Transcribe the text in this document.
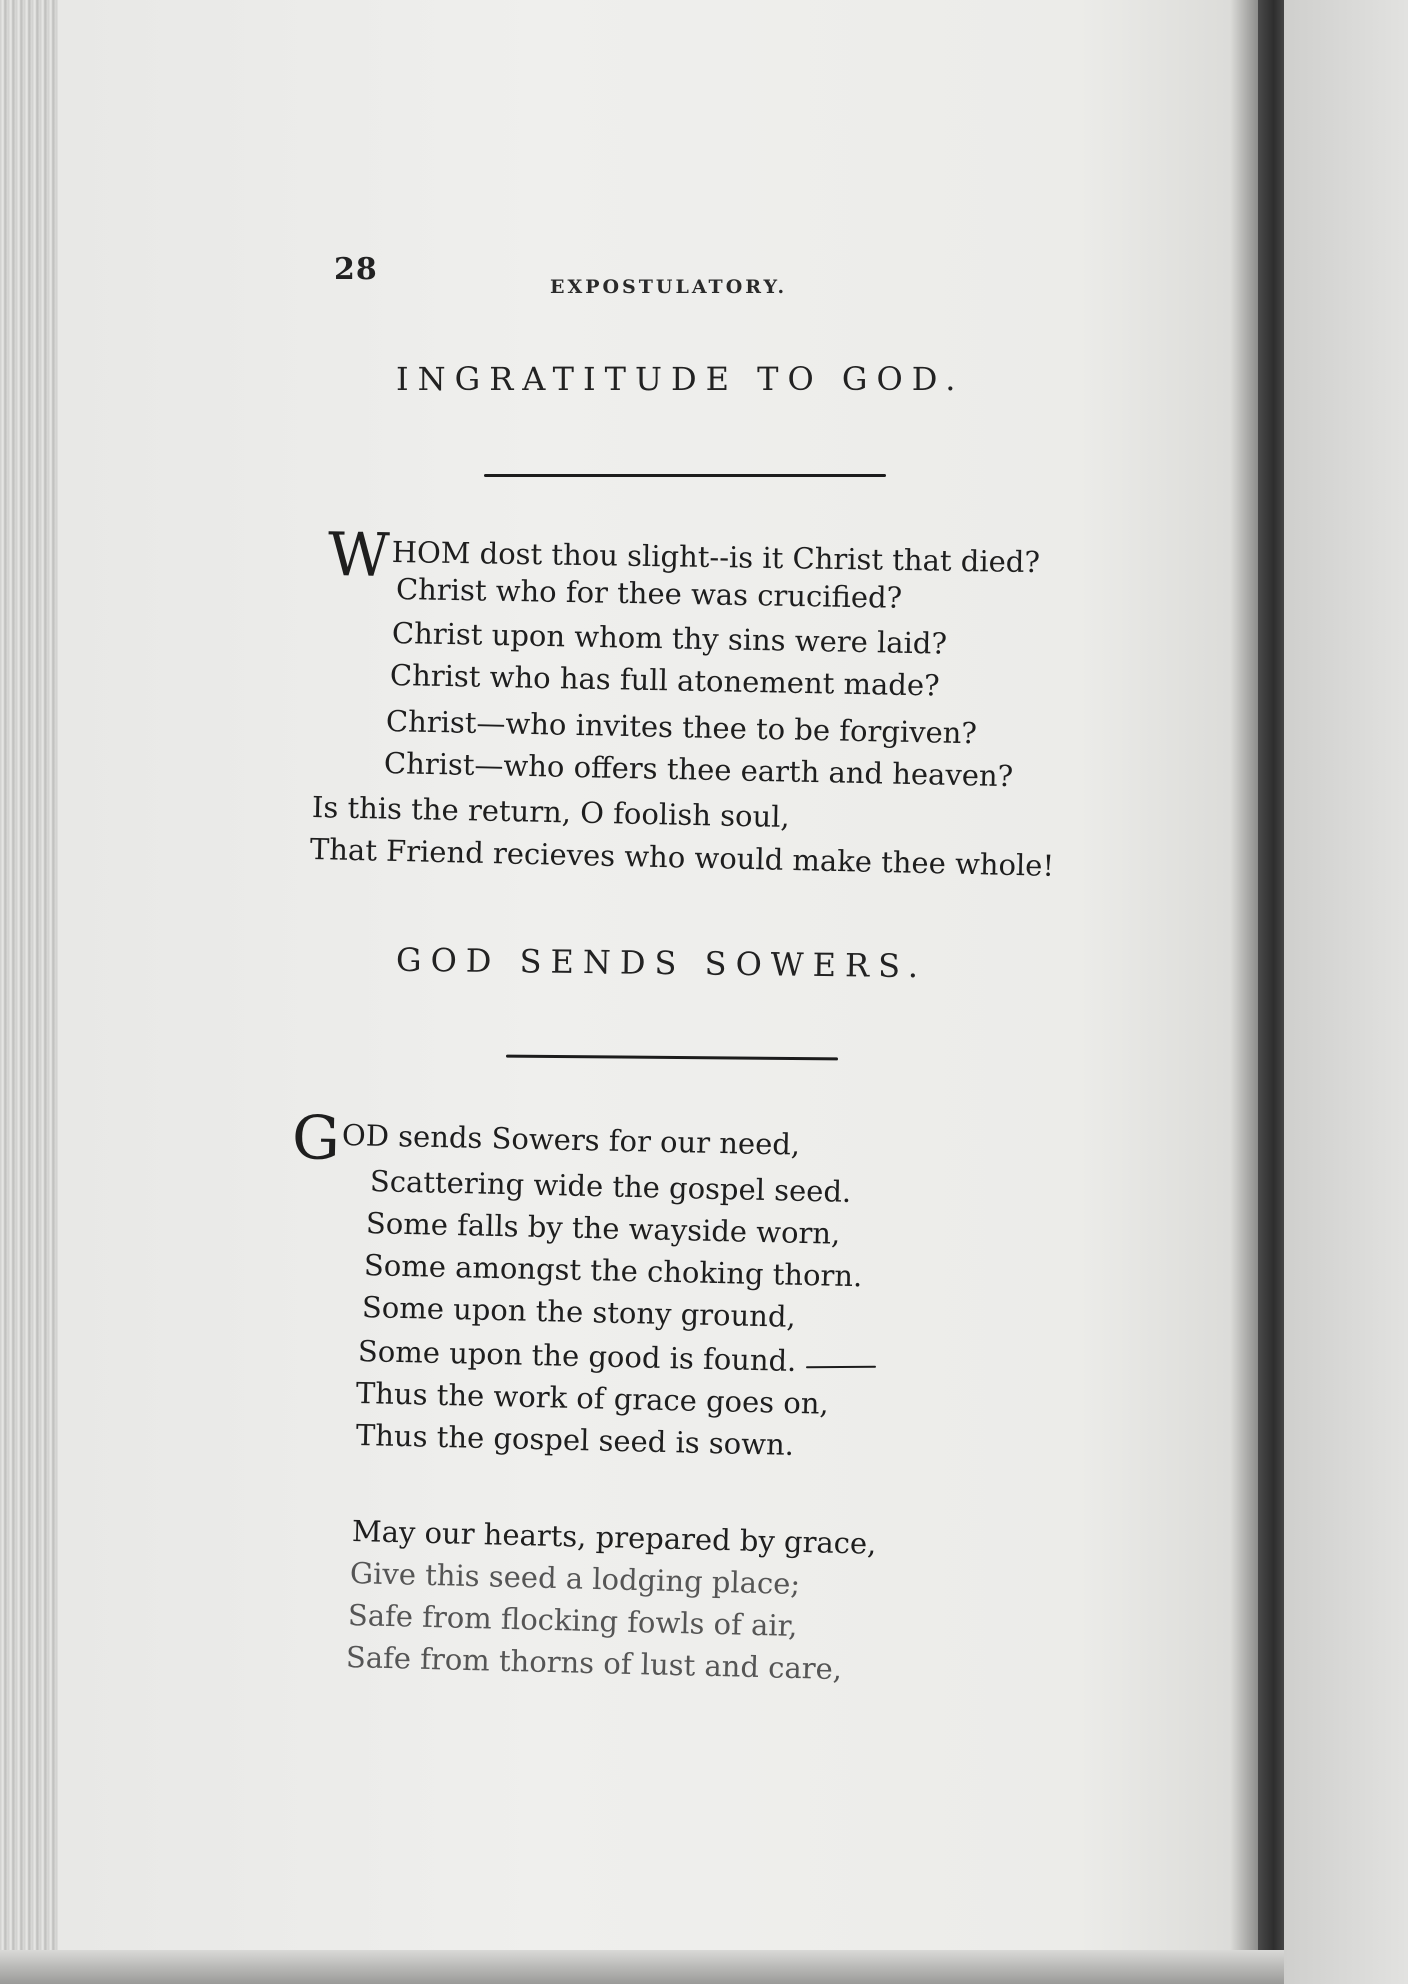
28	EXPOSTULATORY.
INGRATITUDE TO GOD.
WHOM dost thou slight--is it Christ that died?
Christ who for thee was crucified?
Christ upon whom thy sins were laid?
Christ who has full atonement made?
Christ—who invites thee to be forgiven?
Christ—who offers thee earth and heaven?
Is this the return, O foolish soul,
That Friend recieves who would make thee whole!
GOD SENDS SOWERS.
GOD sends Sowers for our need,
Scattering wide the gospel seed.
Some falls by the wayside worn,
Some amongst the choking thorn.
Some upon the stony ground,
Some upon the good is found.
Thus the work of grace goes on,
Thus the gospel seed is sown.
May our hearts, prepared by grace,
Give this seed a lodging place;
Safe from flocking fowls of air,
Safe from thorns of lust and care,
